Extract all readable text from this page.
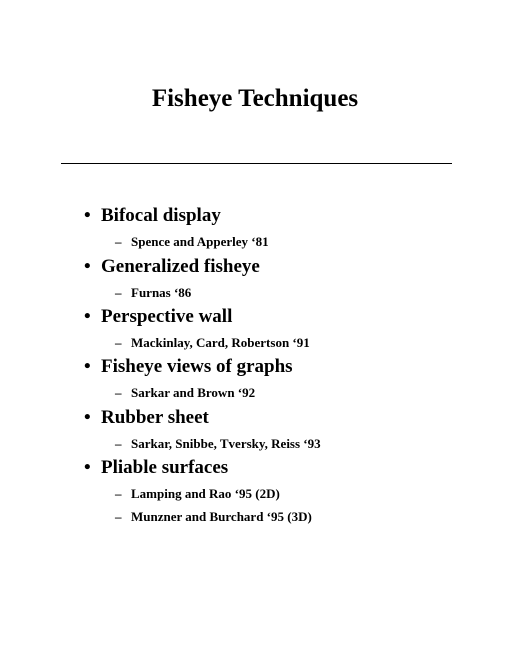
Fisheye Techniques
• Bifocal display
– Spence and Apperley ‘81
• Generalized fisheye
– Furnas ‘86
• Perspective wall
– Mackinlay, Card, Robertson ‘91
• Fisheye views of graphs
– Sarkar and Brown ‘92
• Rubber sheet
– Sarkar, Snibbe, Tversky, Reiss ‘93
• Pliable surfaces
– Lamping and Rao ‘95 (2D)
– Munzner and Burchard ‘95 (3D)
